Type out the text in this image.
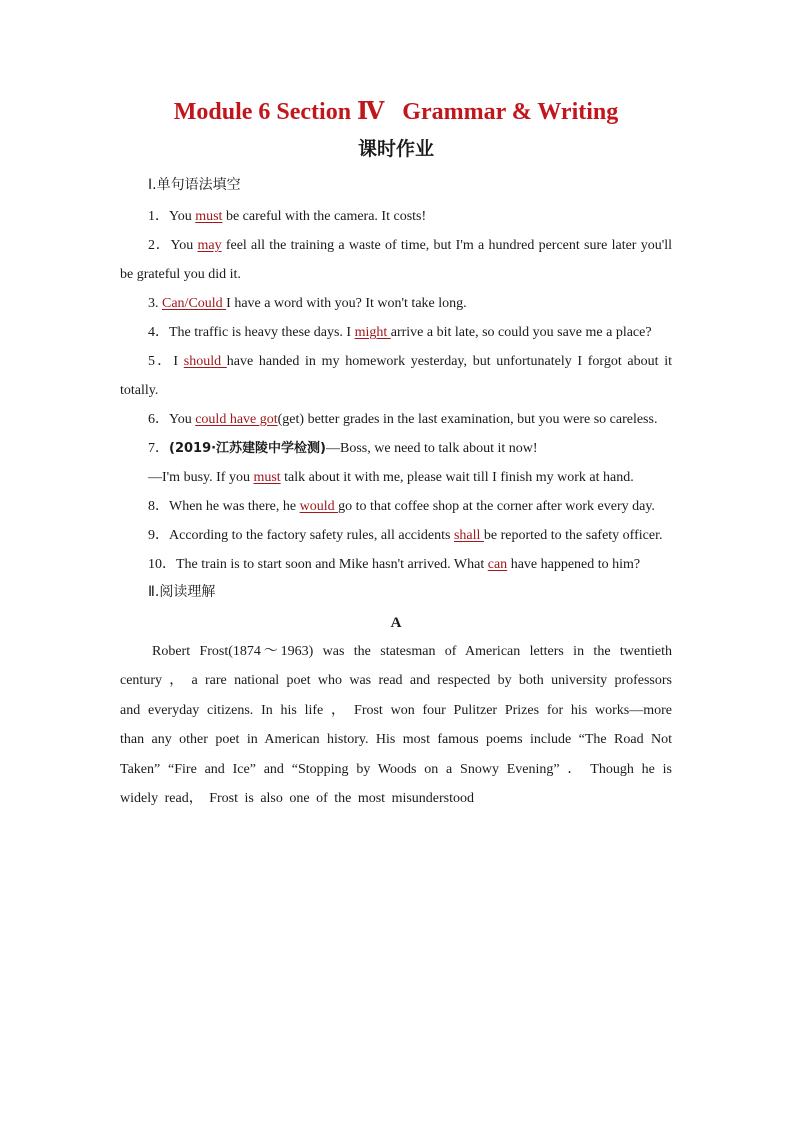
Module 6 Section Ⅳ Grammar & Writing
课时作业
Ⅰ.单句语法填空

1．You must be careful with the camera. It costs!

2．You may feel all the training a waste of time, but I'm a hundred percent sure later you'll be grateful you did it.

3. Can/Could I have a word with you? It won't take long.

4．The traffic is heavy these days. I might arrive a bit late, so could you save me a place?

5．I should have handed in my homework yesterday, but unfortunately I forgot about it totally.

6．You could have got(get) better grades in the last examination, but you were so careless.

7．(2019·江苏建陵中学检测)—Boss, we need to talk about it now!

—I'm busy. If you must talk about it with me, please wait till I finish my work at hand.

8．When he was there, he would go to that coffee shop at the corner after work every day.

9．According to the factory safety rules, all accidents shall be reported to the safety officer.

10．The train is to start soon and Mike hasn't arrived. What can have happened to him?

Ⅱ.阅读理解
A

Robert Frost(1874～1963) was the statesman of American letters in the twentieth century ， a rare national poet who was read and respected by both university professors and everyday citizens. In his life ， Frost won four Pulitzer Prizes for his works—more than any other poet in American history. His most famous poems include “The Road Not Taken” “Fire and Ice” and “Stopping by Woods on a Snowy Evening” ． Though he is widely read， Frost is also one of the most misunderstood
